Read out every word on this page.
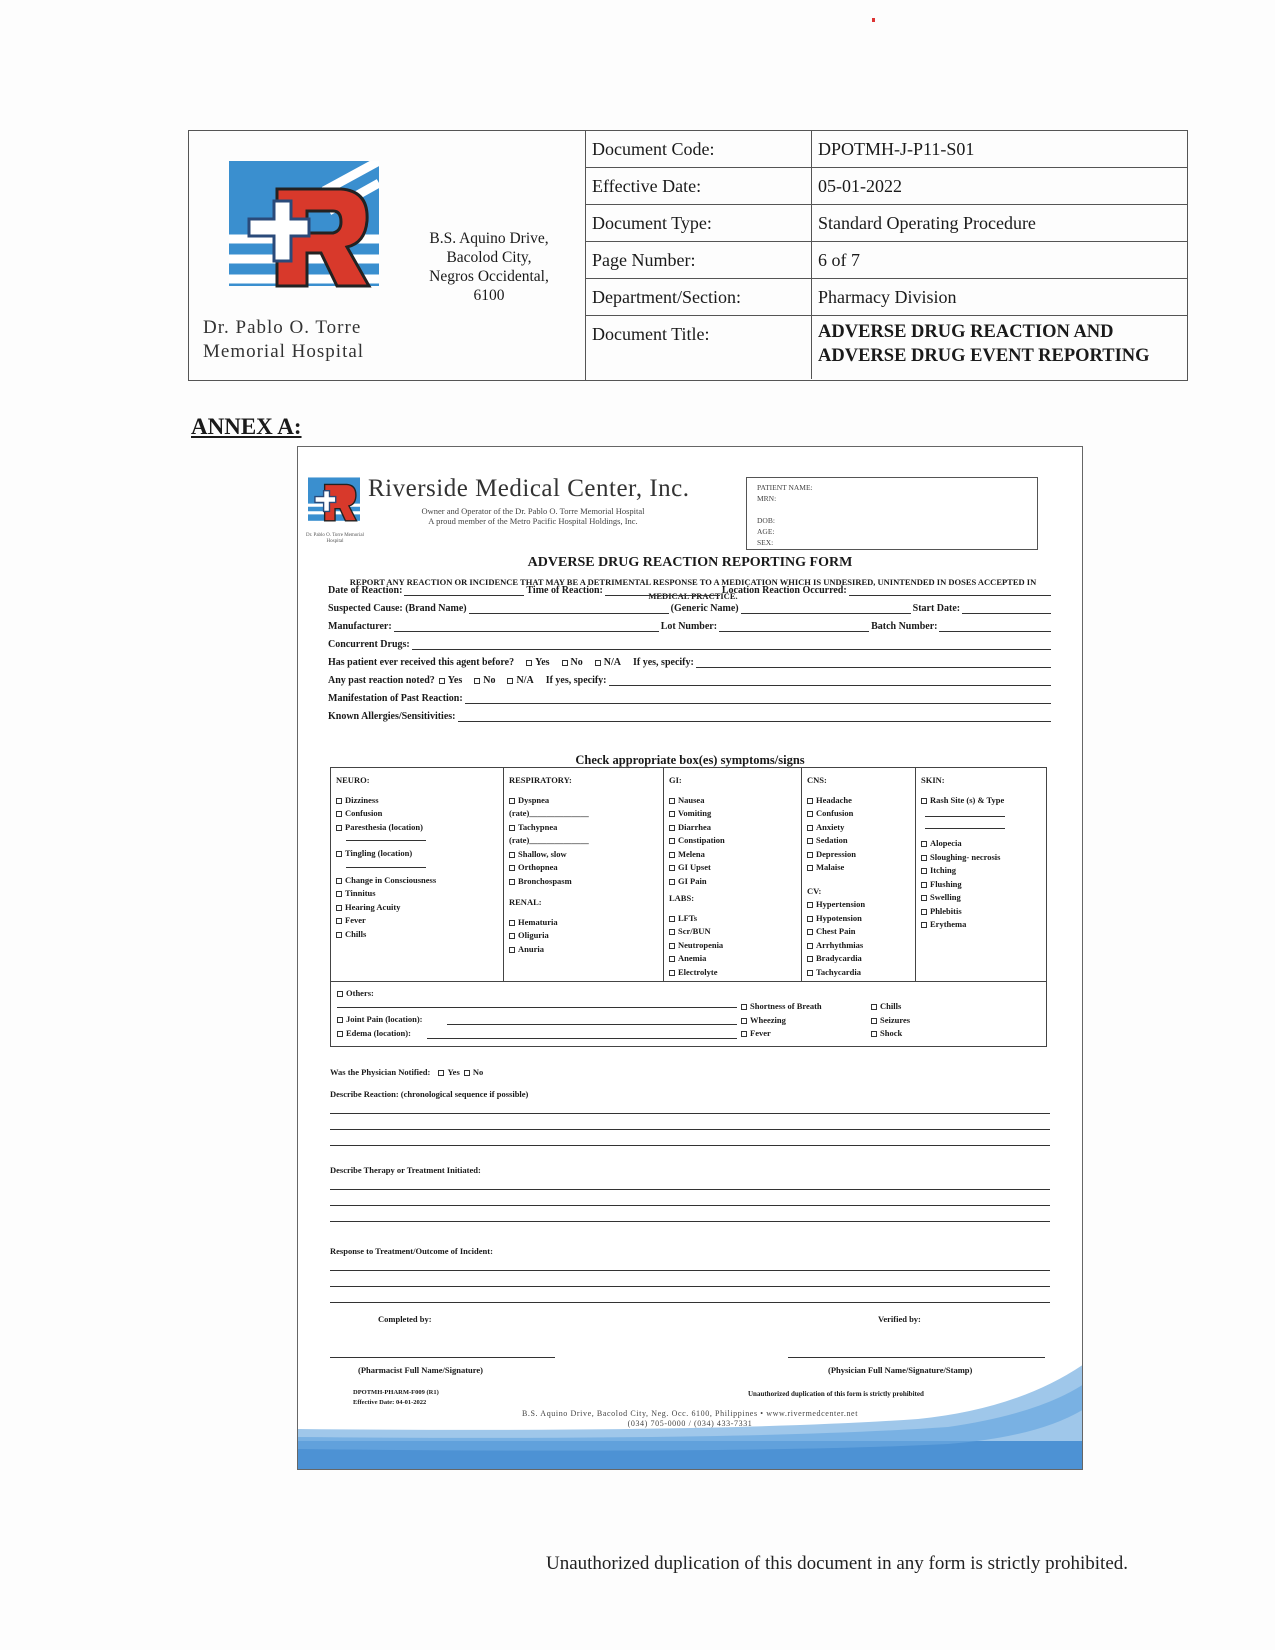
Dr. Pablo O. Torre
Memorial Hospital
B.S. Aquino Drive,
Bacolod City,
Negros Occidental,
6100
Document Code:	DPOTMH-J-P11-S01
Effective Date:	05-01-2022
Document Type:	Standard Operating Procedure
Page Number:	6 of 7
Department/Section:	Pharmacy Division
Document Title:	ADVERSE DRUG REACTION AND ADVERSE DRUG EVENT REPORTING
ANNEX A:
Dr. Pablo O. Torre Memorial Hospital
Riverside Medical Center, Inc.
Owner and Operator of the Dr. Pablo O. Torre Memorial Hospital
A proud member of the Metro Pacific Hospital Holdings, Inc.
PATIENT NAME:
MRN:
DOB:
AGE:
SEX:
ADVERSE DRUG REACTION REPORTING FORM
REPORT ANY REACTION OR INCIDENCE THAT MAY BE A DETRIMENTAL RESPONSE TO A MEDICATION WHICH IS UNDESIRED, UNINTENDED IN DOSES ACCEPTED IN MEDICAL PRACTICE.
Date of Reaction:	Time of Reaction:	Location Reaction Occurred:
Suspected Cause: (Brand Name)	(Generic Name)	Start Date:
Manufacturer:	Lot Number:	Batch Number:
Concurrent Drugs:
Has patient ever received this agent before?	Yes	No	N/A If yes, specify:
Any past reaction noted?	Yes	No	N/A If yes, specify:
Manifestation of Past Reaction:
Known Allergies/Sensitivities:
Check appropriate box(es) symptoms/signs
NEURO:
Dizziness
Confusion
Paresthesia (location)
Tingling (location)
Change in Consciousness
Tinnitus
Hearing Acuity
Fever
Chills
RESPIRATORY:
Dyspnea
(rate)______________
Tachypnea
(rate)______________
Shallow, slow
Orthopnea
Bronchospasm
RENAL:
Hematuria
Oliguria
Anuria
GI:
Nausea
Vomiting
Diarrhea
Constipation
Melena
GI Upset
GI Pain
LABS:
LFTs
Scr/BUN
Neutropenia
Anemia
Electrolyte
CNS:
Headache
Confusion
Anxiety
Sedation
Depression
Malaise
CV:
Hypertension
Hypotension
Chest Pain
Arrhythmias
Bradycardia
Tachycardia
SKIN:
Rash Site (s) & Type
Alopecia
Sloughing- necrosis
Itching
Flushing
Swelling
Phlebitis
Erythema
Others:
Joint Pain (location):
Edema (location):
Shortness of Breath
Wheezing
Fever
Chills
Seizures
Shock
Was the Physician Notified: Yes No
Describe Reaction: (chronological sequence if possible)
Describe Therapy or Treatment Initiated:
Response to Treatment/Outcome of Incident:
Completed by:	Verified by:
(Pharmacist Full Name/Signature)	(Physician Full Name/Signature/Stamp)
DPOTMH-PHARM-F009 (R1)
Effective Date: 04-01-2022
Unauthorized duplication of this form is strictly prohibited
B.S. Aquino Drive, Bacolod City, Neg. Occ. 6100, Philippines • www.rivermedcenter.net
(034) 705-0000 / (034) 433-7331
Unauthorized duplication of this document in any form is strictly prohibited.
